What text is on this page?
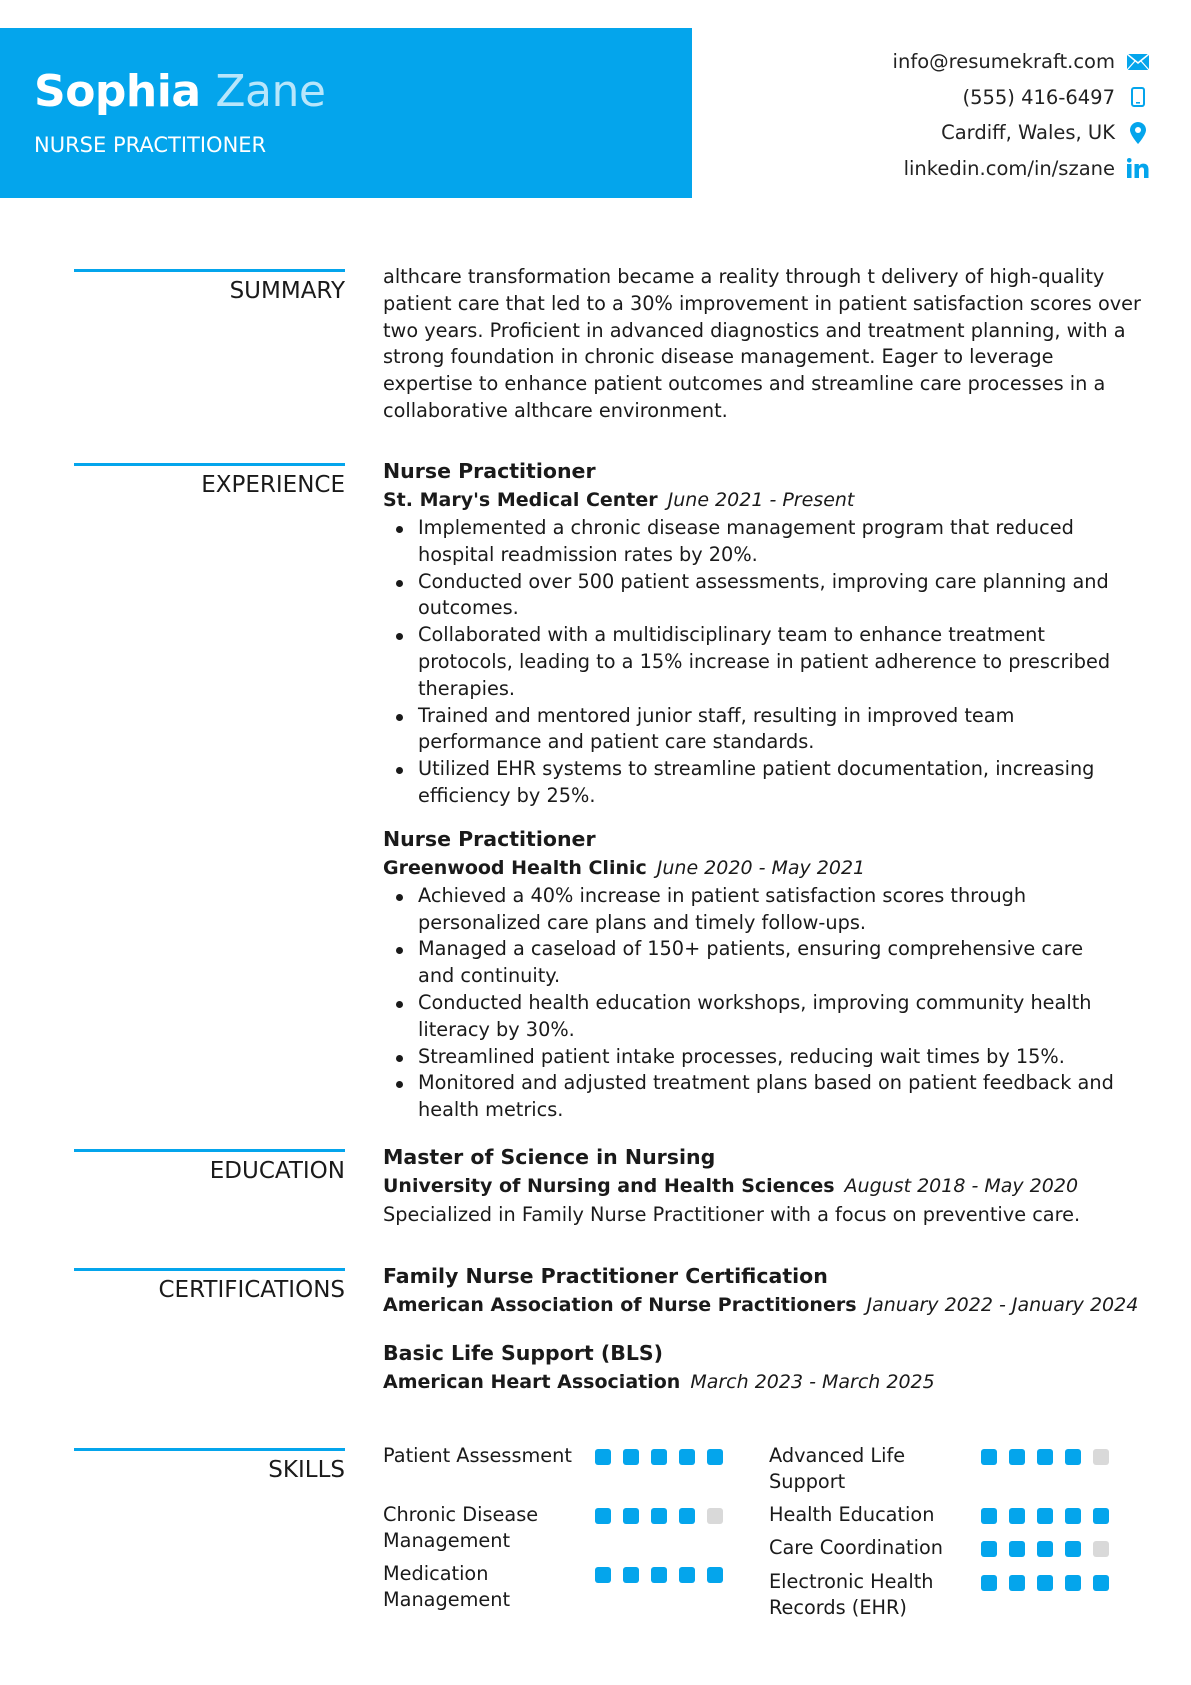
Sophia Zane
NURSE PRACTITIONER
info@resumekraft.com
(555) 416-6497
Cardiff, Wales, UK
linkedin.com/in/szane
SUMMARY

althcare transformation became a reality through t delivery of high-quality patient care that led to a 30% improvement in patient satisfaction scores over two years. Proficient in advanced diagnostics and treatment planning, with a strong foundation in chronic disease management. Eager to leverage expertise to enhance patient outcomes and streamline care processes in a collaborative althcare environment.

EXPERIENCE

Nurse Practitioner

St. Mary's Medical Center June 2021 - Present
Implemented a chronic disease management program that reduced hospital readmission rates by 20%.
Conducted over 500 patient assessments, improving care planning and outcomes.
Collaborated with a multidisciplinary team to enhance treatment protocols, leading to a 15% increase in patient adherence to prescribed therapies.
Trained and mentored junior staff, resulting in improved team performance and patient care standards.
Utilized EHR systems to streamline patient documentation, increasing efficiency by 25%.

Nurse Practitioner

Greenwood Health Clinic June 2020 - May 2021
Achieved a 40% increase in patient satisfaction scores through personalized care plans and timely follow-ups.
Managed a caseload of 150+ patients, ensuring comprehensive care and continuity.
Conducted health education workshops, improving community health literacy by 30%.
Streamlined patient intake processes, reducing wait times by 15%.
Monitored and adjusted treatment plans based on patient feedback and health metrics.
EDUCATION

Master of Science in Nursing

University of Nursing and Health Sciences August 2018 - May 2020

Specialized in Family Nurse Practitioner with a focus on preventive care.

CERTIFICATIONS

Family Nurse Practitioner Certification

American Association of Nurse Practitioners January 2022 - January 2024

Basic Life Support (BLS)

American Heart Association March 2023 - March 2025
SKILLS
Patient Assessment	Advanced Life Support
Chronic Disease Management
Health Education
Medication Management
Care Coordination
Electronic Health Records (EHR)
